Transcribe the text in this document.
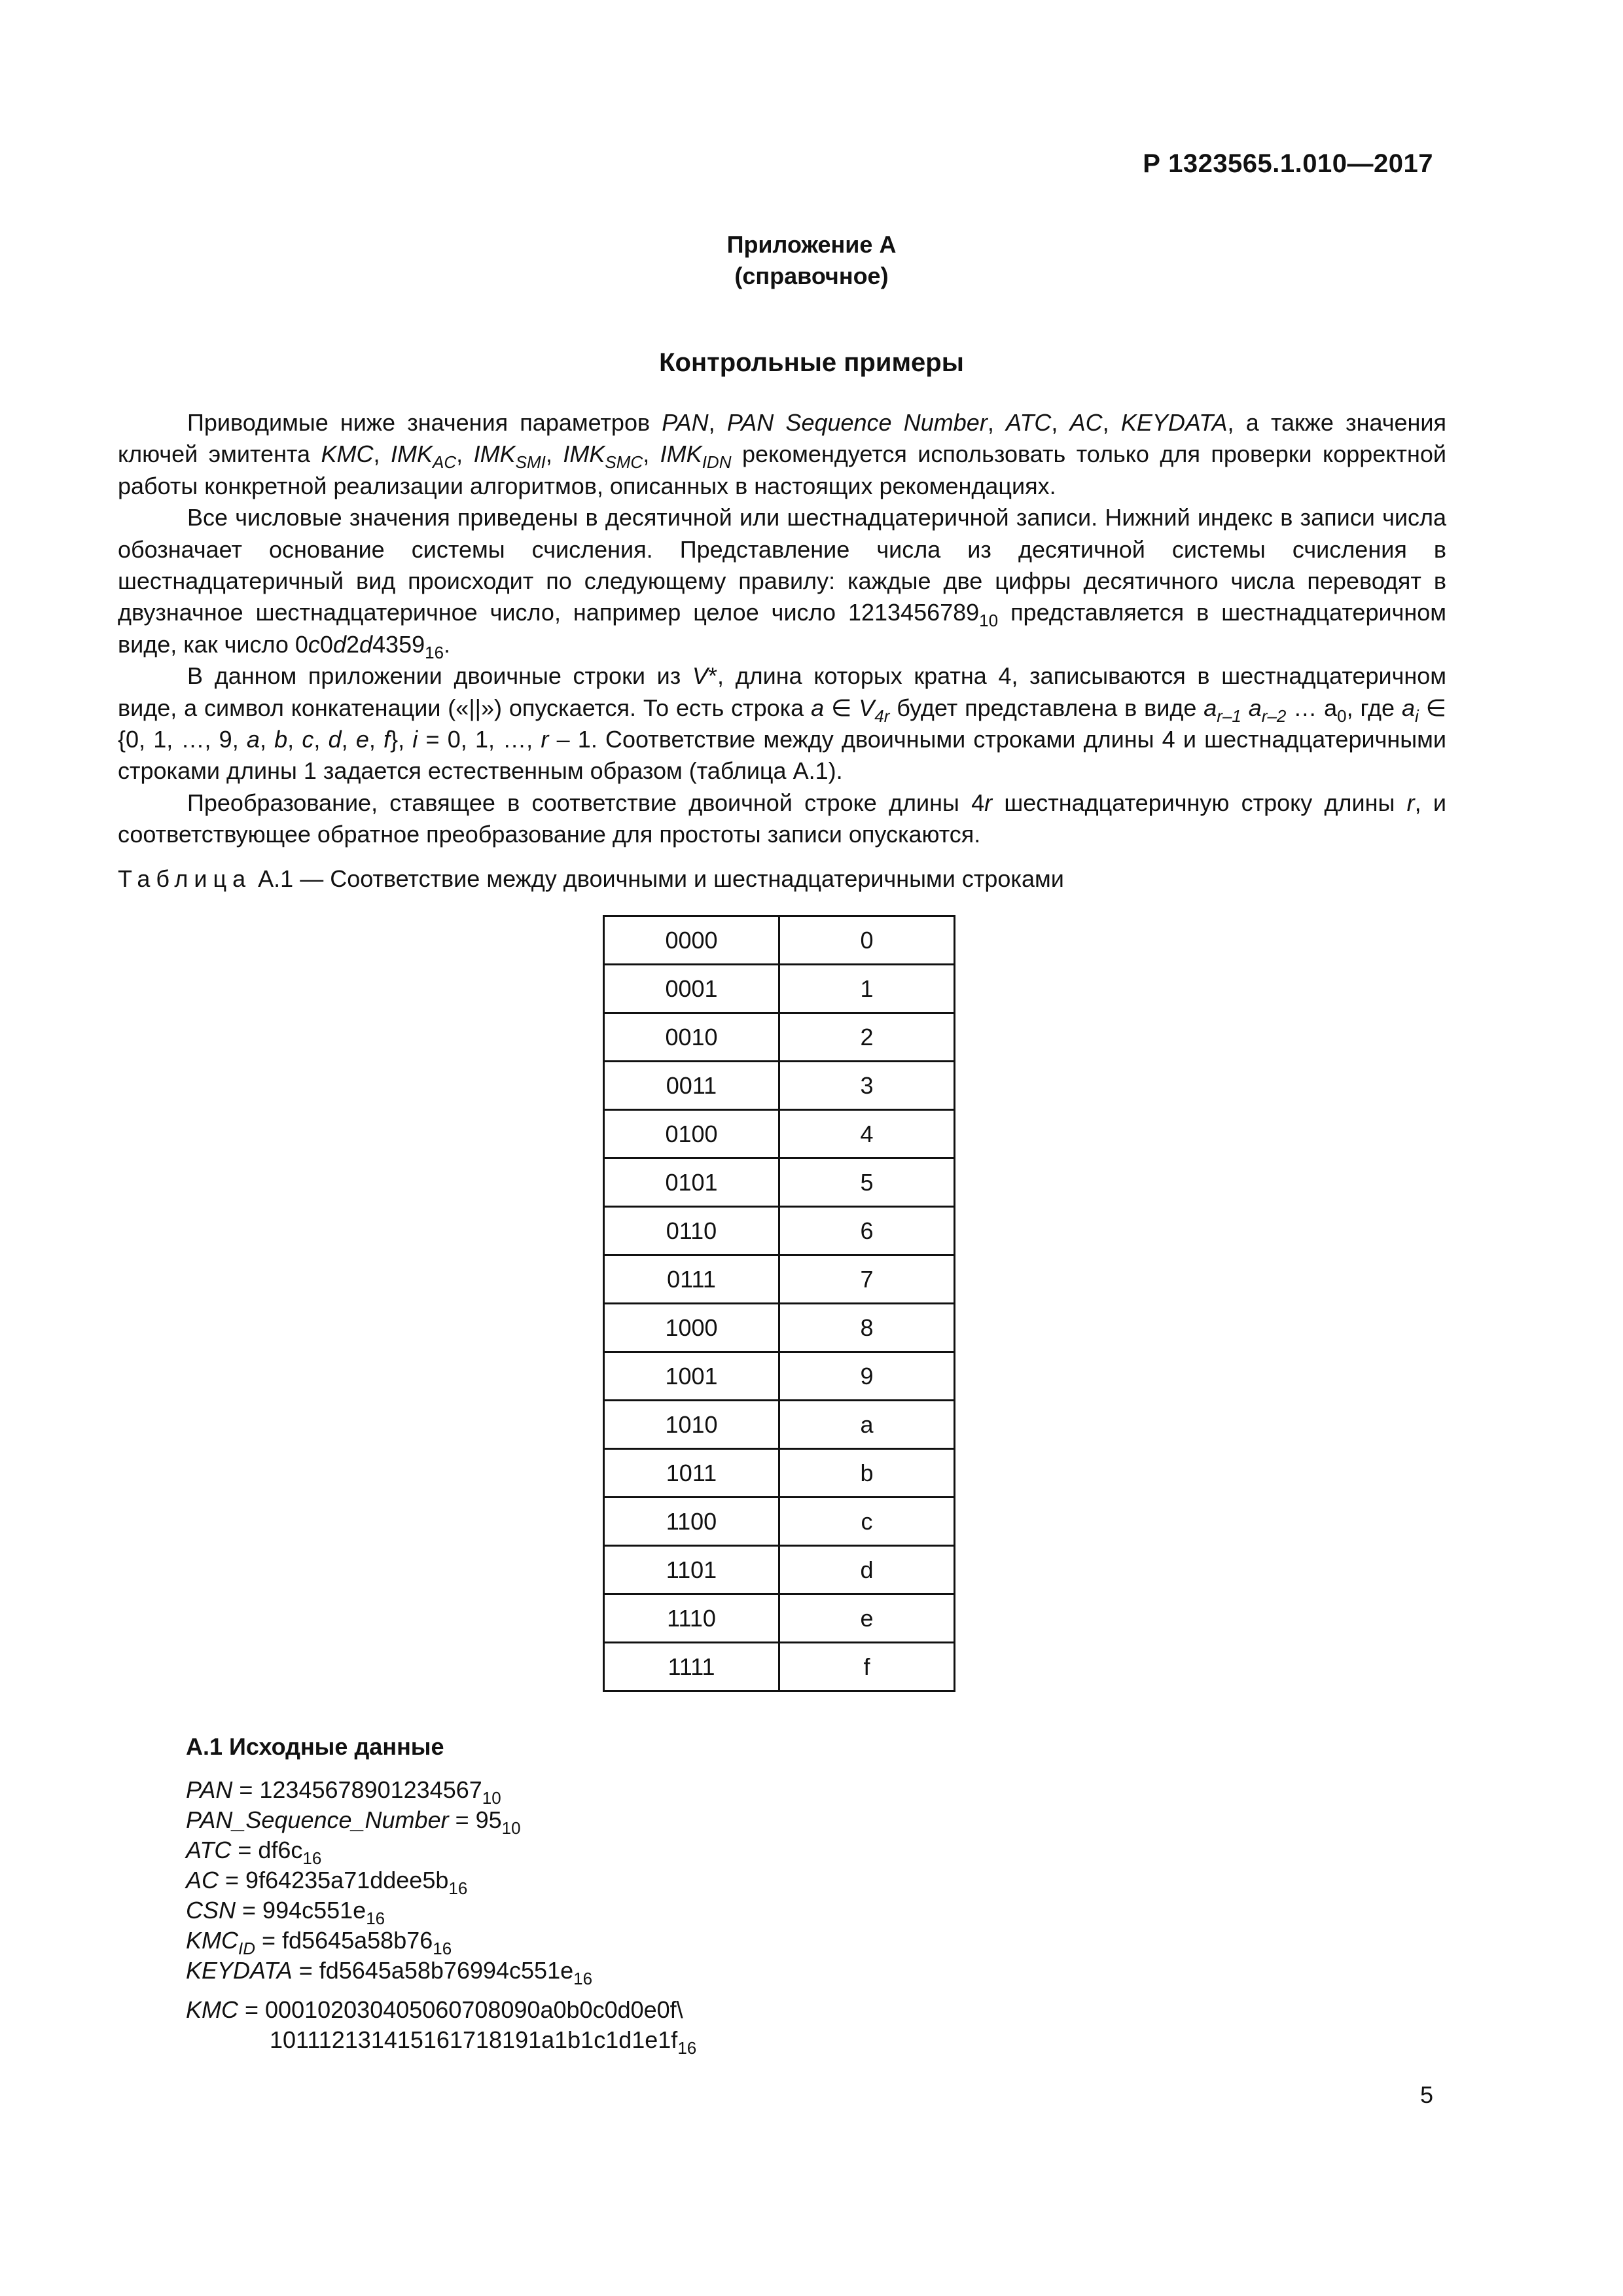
Р 1323565.1.010—2017
Приложение А
(справочное)
Контрольные примеры

Приводимые ниже значения параметров PAN, PAN Sequence Number, ATC, AC, KEYDATA, а также значения ключей эмитента KMC, $IMK_{AC}$, $IMK_{SMI}$, $IMK_{SMC}$, $IMK_{IDN}$ рекомендуется использовать только для проверки корректной работы конкретной реализации алгоритмов, описанных в настоящих рекомендациях.

Все числовые значения приведены в десятичной или шестнадцатеричной записи. Нижний индекс в записи числа обозначает основание системы счисления. Представление числа из десятичной системы счисления в шестнадцатеричный вид происходит по следующему правилу: каждые две цифры десятичного числа переводят в двузначное шестнадцатеричное число, например целое число $1213456789_{10}$ представляется в шестнадцатеричном виде, как число $0c0d2d4359_{16}$.

В данном приложении двоичные строки из V*, длина которых кратна 4, записываются в шестнадцатеричном виде, а символ конкатенации («||») опускается. То есть строка a ∈ $V_{4r}$ будет представлена в виде $a_{r-1}$ $a_{r-2}$ … $a_0$, где $a_i$ ∈ {0, 1, …, 9, a, b, c, d, e, f}, i = 0, 1, …, r – 1. Соответствие между двоичными строками длины 4 и шестнадцатеричными строками длины 1 задается естественным образом (таблица А.1).

Преобразование, ставящее в соответствие двоичной строке длины 4r шестнадцатеричную строку длины r, и соответствующее обратное преобразование для простоты записи опускаются.

Таблица А.1 — Соответствие между двоичными и шестнадцатеричными строками
0000	0
0001	1
0010	2
0011	3
0100	4
0101	5
0110	6
0111	7
1000	8
1001	9
1010	a
1011	b
1100	c
1101	d
1110	e
1111	f
А.1 Исходные данные
PAN = $12345678901234567_{10}$
PAN_Sequence_Number = $95_{10}$
ATC = $df6c_{16}$
AC = $9f64235a71ddee5b_{16}$
CSN = $994c551e_{16}$
$KMC_{ID} = fd5645a58b76_{16}$
KEYDATA = $fd5645a58b76994c551e_{16}$
KMC = 000102030405060708090a0b0c0d0e0f\
$101112131415161718191a1b1c1d1e1f_{16}$
5
